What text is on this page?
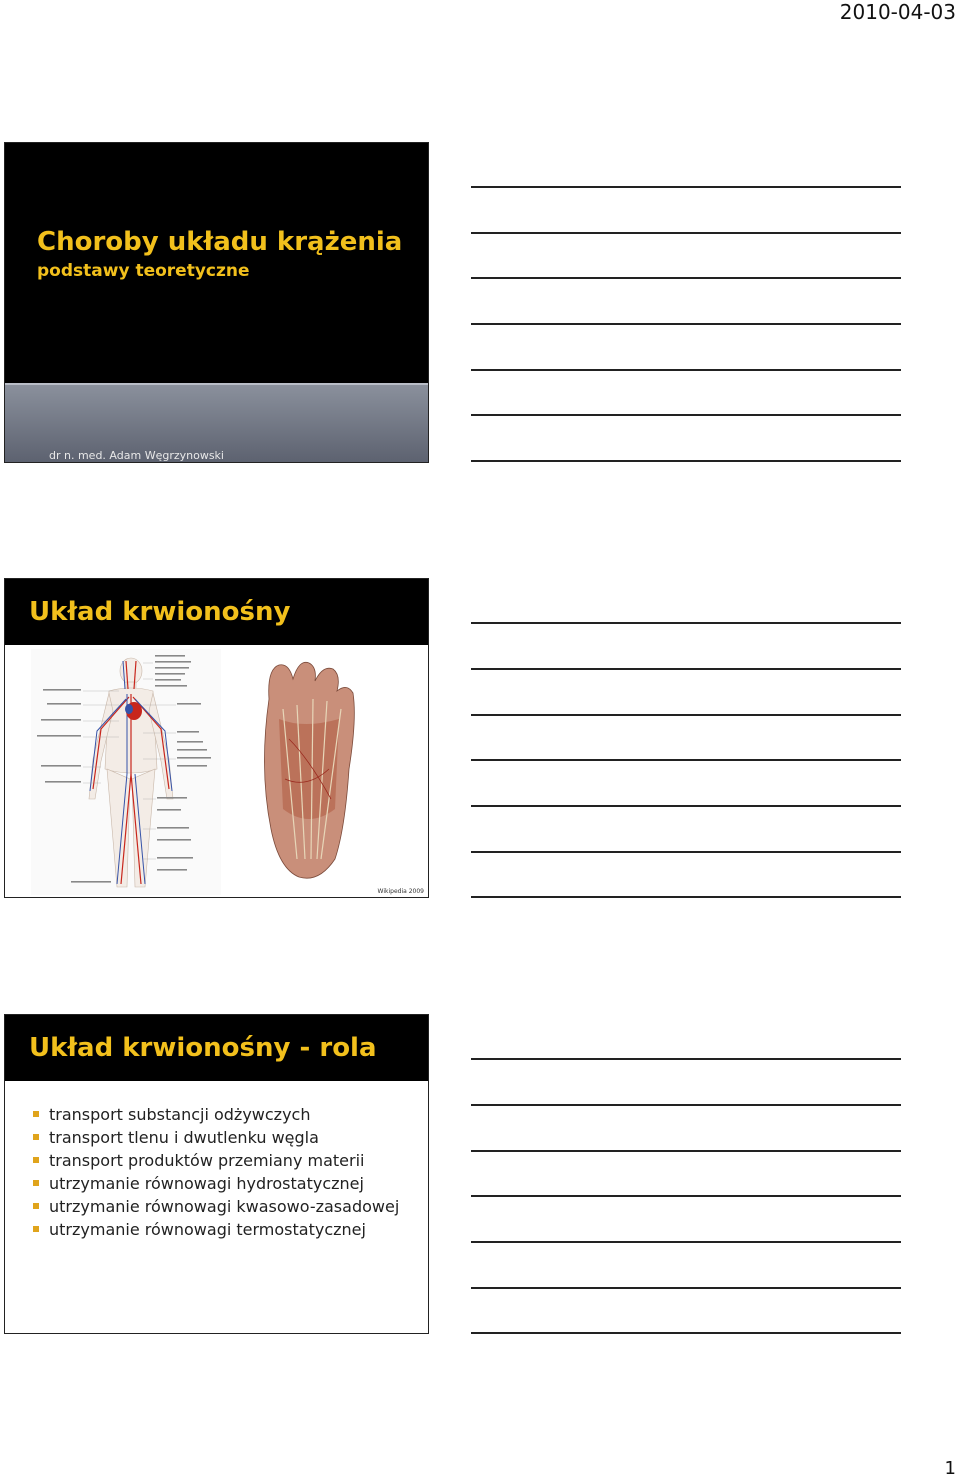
2010-04-03
Choroby układu krążenia
podstawy teoretyczne
dr n. med. Adam Węgrzynowski
Układ krwionośny
Wikipedia 2009
Układ krwionośny - rola
transport substancji odżywczych
transport tlenu i dwutlenku węgla
transport produktów przemiany materii
utrzymanie równowagi hydrostatycznej
utrzymanie równowagi kwasowo-zasadowej
utrzymanie równowagi termostatycznej
1
